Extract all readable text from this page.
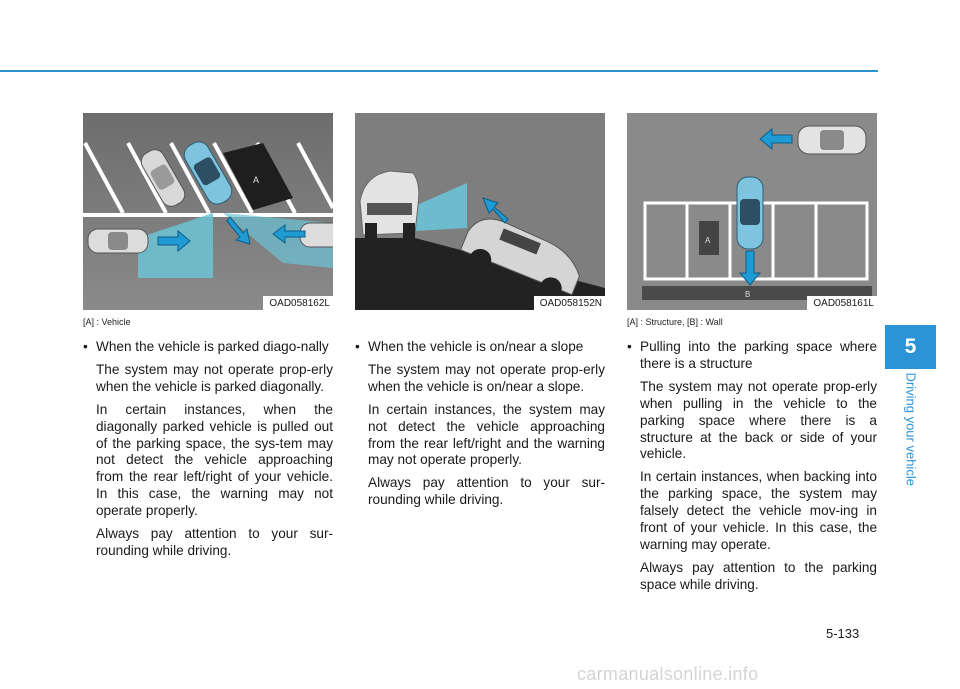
A
OAD058162L	OAD058152N
A
B
OAD058161L
[A] : Vehicle	[A] : Structure, [B] : Wall

• When the vehicle is parked diago-nally

The system may not operate prop-erly when the vehicle is parked diagonally.

In certain instances, when the diagonally parked vehicle is pulled out of the parking space, the sys-tem may not detect the vehicle approaching from the rear left/right of your vehicle. In this case, the warning may not operate properly.

Always pay attention to your sur-rounding while driving.

• When the vehicle is on/near a slope

The system may not operate prop-erly when the vehicle is on/near a slope.

In certain instances, the system may not detect the vehicle approaching from the rear left/right and the warning may not operate properly.

Always pay attention to your sur-rounding while driving.

• Pulling into the parking space where there is a structure

The system may not operate prop-erly when pulling in the vehicle to the parking space where there is a structure at the back or side of your vehicle.

In certain instances, when backing into the parking space, the system may falsely detect the vehicle mov-ing in front of your vehicle. In this case, the warning may operate.

Always pay attention to the parking space while driving.

5
Driving your vehicle
5-133
carmanualsonline.info
